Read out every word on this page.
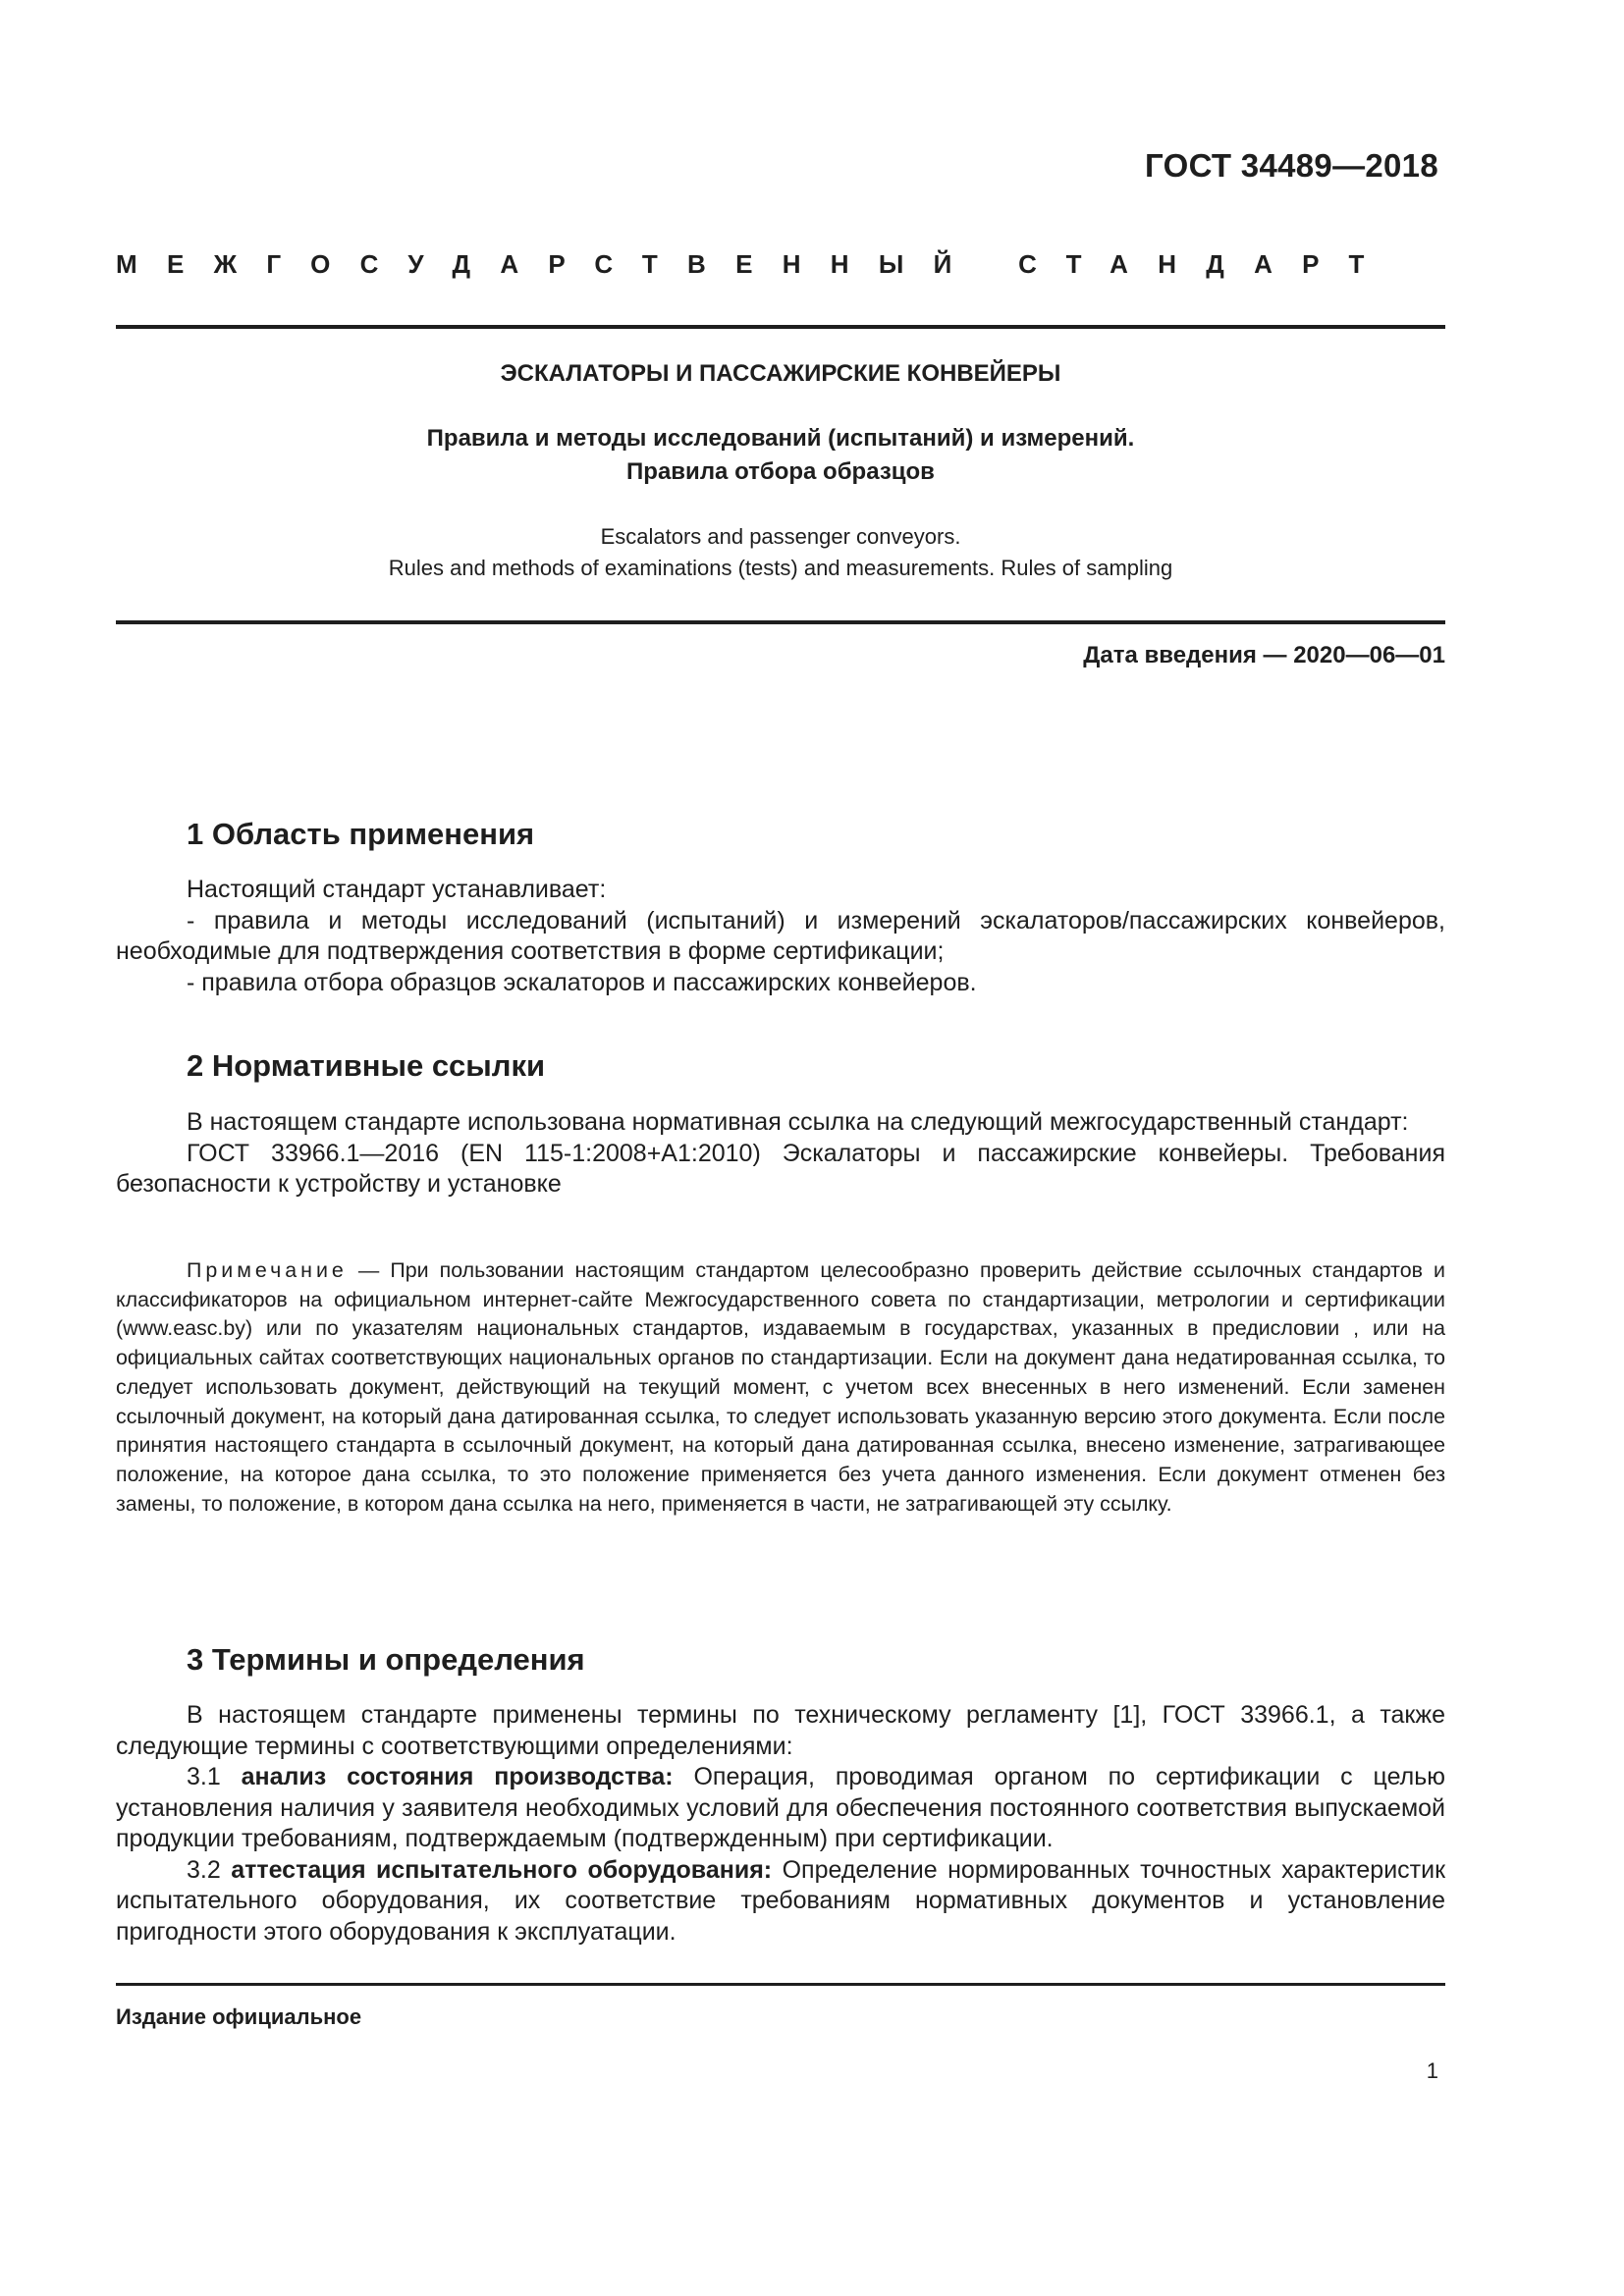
ГОСТ 34489—2018
МЕЖГОСУДАРСТВЕННЫЙ СТАНДАРТ
ЭСКАЛАТОРЫ И ПАССАЖИРСКИЕ КОНВЕЙЕРЫ
Правила и методы исследований (испытаний) и измерений.
Правила отбора образцов
Escalators and passenger conveyors.
Rules and methods of examinations (tests) and measurements. Rules of sampling
Дата введения — 2020—06—01
1 Область применения

Настоящий стандарт устанавливает:

- правила и методы исследований (испытаний) и измерений эскалаторов/пассажирских конвейеров, необходимые для подтверждения соответствия в форме сертификации;

- правила отбора образцов эскалаторов и пассажирских конвейеров.

2 Нормативные ссылки

В настоящем стандарте использована нормативная ссылка на следующий межгосударственный стандарт:

ГОСТ 33966.1—2016 (EN 115-1:2008+A1:2010) Эскалаторы и пассажирские конвейеры. Требования безопасности к устройству и установке

Примечание — При пользовании настоящим стандартом целесообразно проверить действие ссылочных стандартов и классификаторов на официальном интернет-сайте Межгосударственного совета по стандартизации, метрологии и сертификации (www.easc.by) или по указателям национальных стандартов, издаваемым в государствах, указанных в предисловии , или на официальных сайтах соответствующих национальных органов по стандартизации. Если на документ дана недатированная ссылка, то следует использовать документ, действующий на текущий момент, с учетом всех внесенных в него изменений. Если заменен ссылочный документ, на который дана датированная ссылка, то следует использовать указанную версию этого документа. Если после принятия настоящего стандарта в ссылочный документ, на который дана датированная ссылка, внесено изменение, затрагивающее положение, на которое дана ссылка, то это положение применяется без учета данного изменения. Если документ отменен без замены, то положение, в котором дана ссылка на него, применяется в части, не затрагивающей эту ссылку.
3 Термины и определения

В настоящем стандарте применены термины по техническому регламенту [1], ГОСТ 33966.1, а также следующие термины с соответствующими определениями:

3.1 анализ состояния производства: Операция, проводимая органом по сертификации с целью установления наличия у заявителя необходимых условий для обеспечения постоянного соответствия выпускаемой продукции требованиям, подтверждаемым (подтвержденным) при сертификации.

3.2 аттестация испытательного оборудования: Определение нормированных точностных характеристик испытательного оборудования, их соответствие требованиям нормативных документов и установление пригодности этого оборудования к эксплуатации.

Издание официальное
1
